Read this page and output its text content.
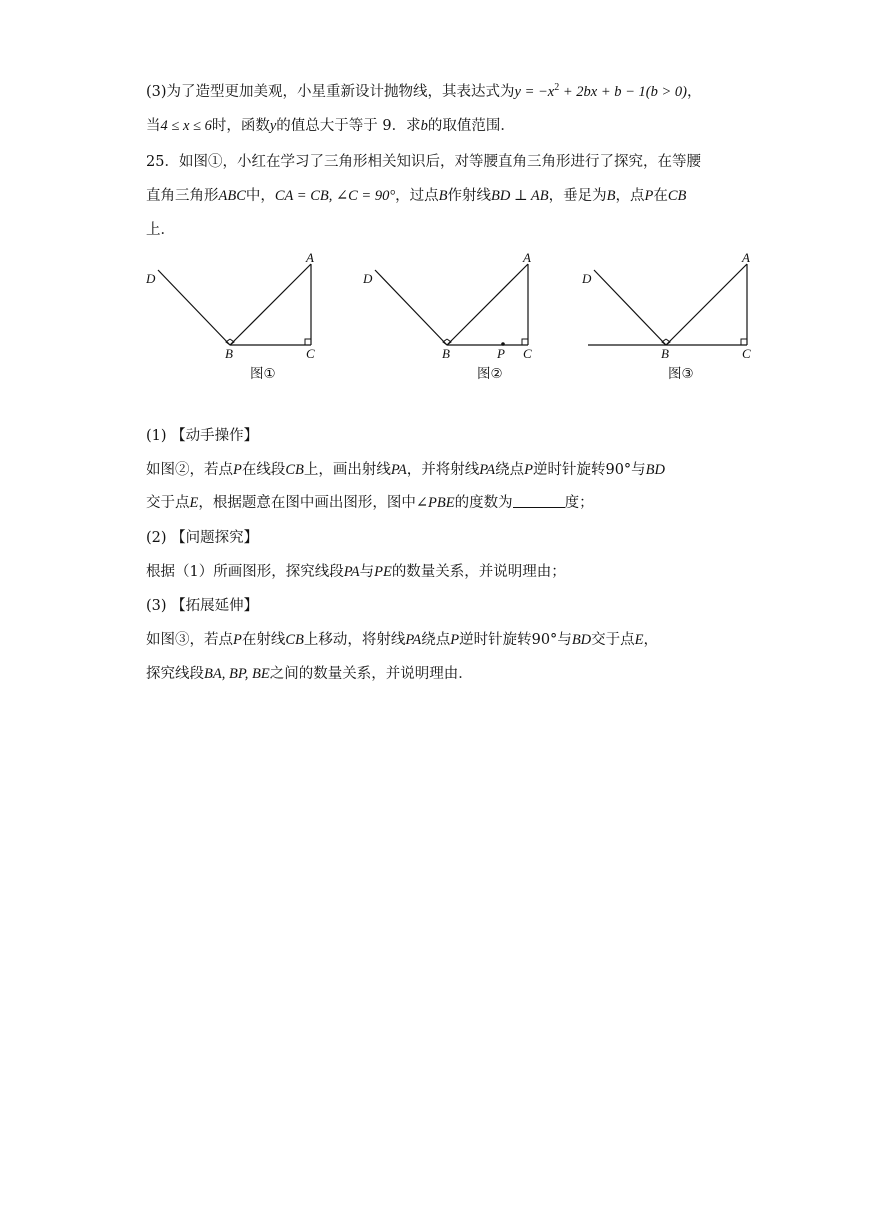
(3)为了造型更加美观，小星重新设计抛物线，其表达式为$y = -x^2 + 2bx + b - 1(b > 0)$，
当4 ≤ x ≤ 6时，函数y的值总大于等于 9．求b的取值范围．
25．如图①，小红在学习了三角形相关知识后，对等腰直角三角形进行了探究，在等腰
直角三角形ABC中，CA = CB, ∠C = 90°，过点B作射线BD ⊥ AB，垂足为B，点P在CB
上．
D
A
B	C
图①
D
A
B	P C
图②
D
A
B	C
图③
(1) 【动手操作】
如图②，若点P在线段CB上，画出射线PA，并将射线PA绕点P逆时针旋转90°与BD
交于点E，根据题意在图中画出图形，图中∠PBE的度数为	度；
(2) 【问题探究】
根据（1）所画图形，探究线段PA与PE的数量关系，并说明理由；
(3) 【拓展延伸】
如图③，若点P在射线CB上移动，将射线PA绕点P逆时针旋转90°与BD交于点E，
探究线段BA, BP, BE之间的数量关系，并说明理由．
